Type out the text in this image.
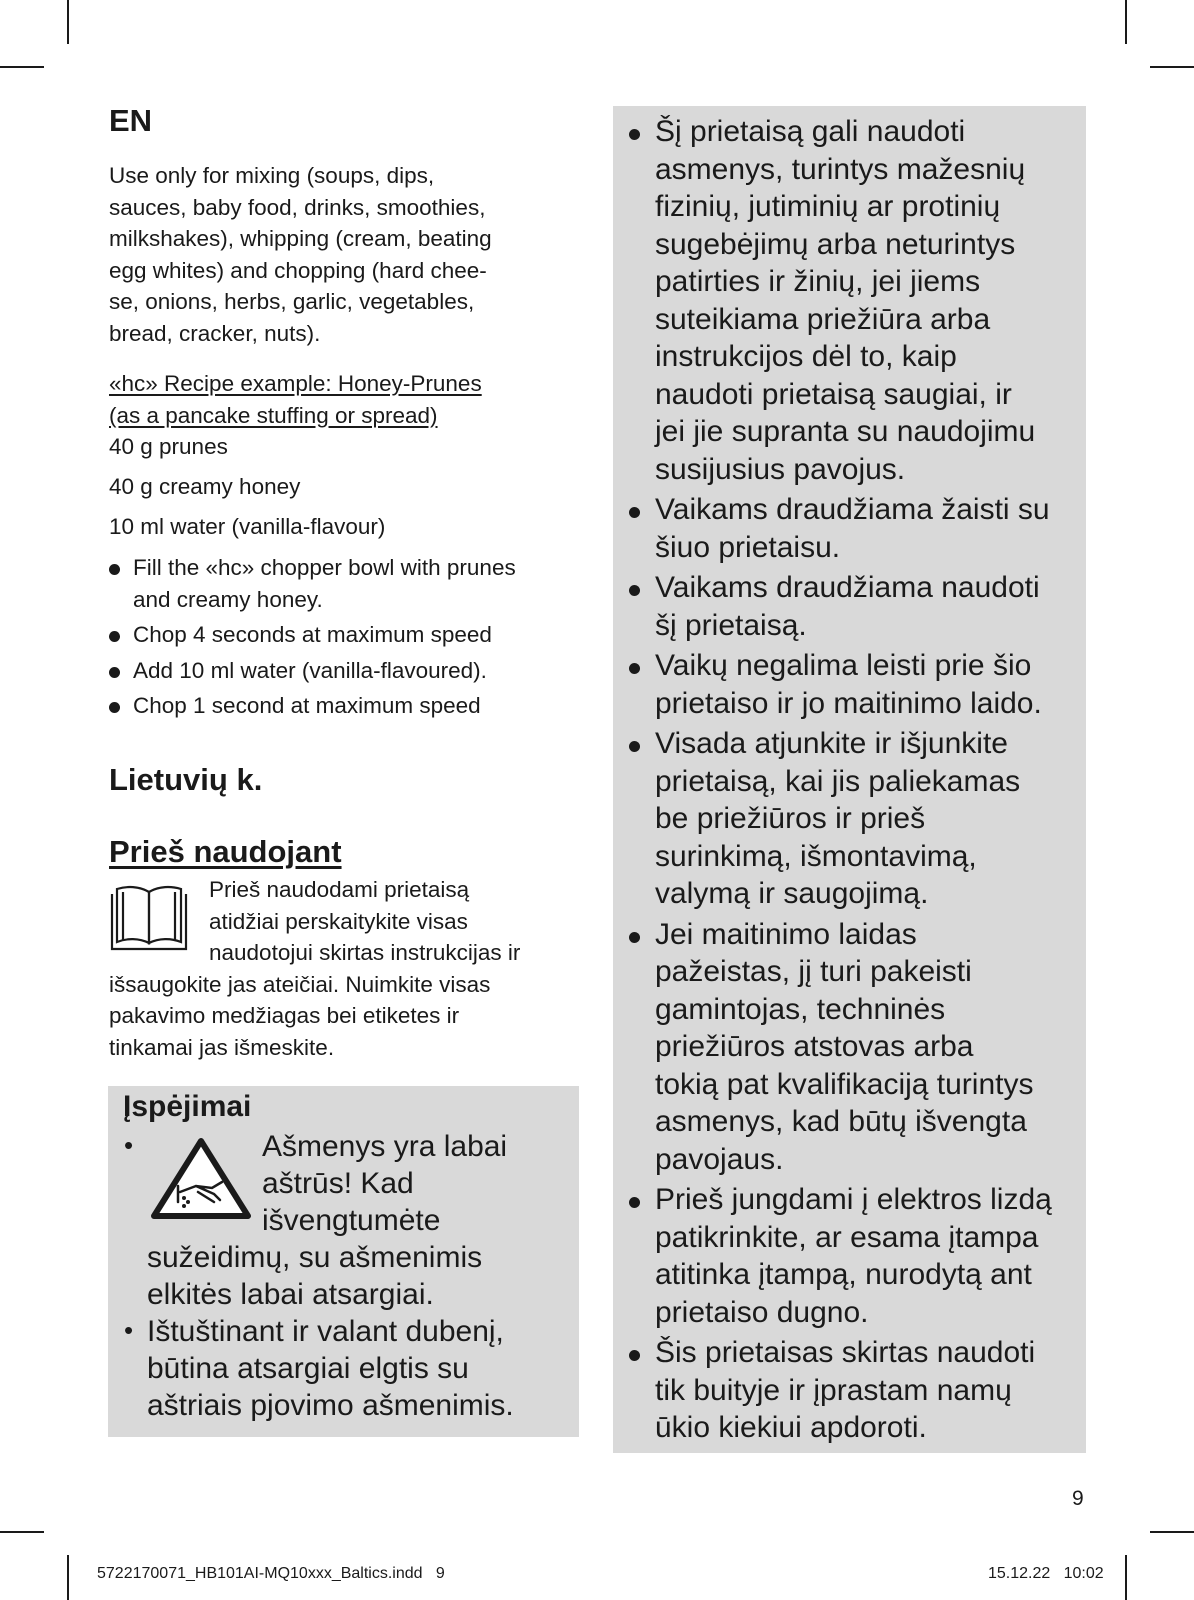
EN

Use only for mixing (soups, dips,
sauces, baby food, drinks, smoothies,
milkshakes), whipping (cream, beating
egg whites) and chopping (hard chee-
se, onions, herbs, garlic, vegetables,
bread, cracker, nuts).

«hc» Recipe example: Honey-Prunes
(as a pancake stuffing or spread)
40 g prunes
40 g creamy honey
10 ml water (vanilla-flavour)
Fill the «hc» chopper bowl with prunes
and creamy honey.
Chop 4 seconds at maximum speed
Add 10 ml water (vanilla-flavoured).
Chop 1 second at maximum speed
Lietuvių k.
Prieš naudojant
Prieš naudodami prietaisą
atidžiai perskaitykite visas
naudotojui skirtas instrukcijas ir
išsaugokite jas ateičiai. Nuimkite visas
pakavimo medžiagas bei etiketes ir
tinkamai jas išmeskite.
Įspėjimai
•	Ašmenys yra labai
aštrūs! Kad
išvengtumėte
sužeidimų, su ašmenimis
elkitės labai atsargiai.
• Ištuštinant ir valant dubenį,
būtina atsargiai elgtis su
aštriais pjovimo ašmenimis.
Šį prietaisą gali naudoti
asmenys, turintys mažesnių
fizinių, jutiminių ar protinių
sugebėjimų arba neturintys
patirties ir žinių, jei jiems
suteikiama priežiūra arba
instrukcijos dėl to, kaip
naudoti prietaisą saugiai, ir
jei jie supranta su naudojimu
susijusius pavojus.
Vaikams draudžiama žaisti su
šiuo prietaisu.
Vaikams draudžiama naudoti
šį prietaisą.
Vaikų negalima leisti prie šio
prietaiso ir jo maitinimo laido.
Visada atjunkite ir išjunkite
prietaisą, kai jis paliekamas
be priežiūros ir prieš
surinkimą, išmontavimą,
valymą ir saugojimą.
Jei maitinimo laidas
pažeistas, jį turi pakeisti
gamintojas, techninės
priežiūros atstovas arba
tokią pat kvalifikaciją turintys
asmenys, kad būtų išvengta
pavojaus.
Prieš jungdami į elektros lizdą
patikrinkite, ar esama įtampa
atitinka įtampą, nurodytą ant
prietaiso dugno.
Šis prietaisas skirtas naudoti
tik buityje ir įprastam namų
ūkio kiekiui apdoroti.
9
5722170071_HB101AI-MQ10xxx_Baltics.indd   9	15.12.22   10:02
